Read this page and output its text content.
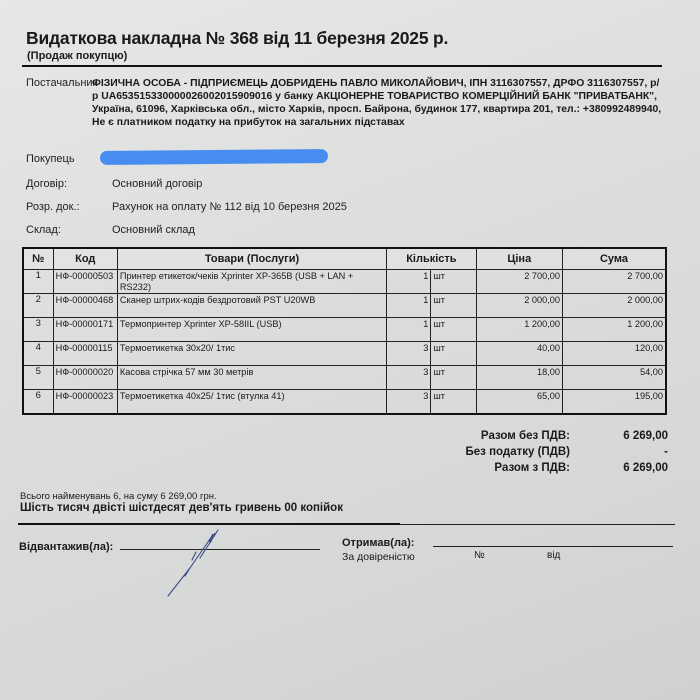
Видаткова накладна № 368 від 11 березня 2025 р.
(Продаж покупцю)
Постачальник
ФІЗИЧНА ОСОБА - ПІДПРИЄМЕЦЬ ДОБРИДЕНЬ ПАВЛО МИКОЛАЙОВИЧ, ІПН 3116307557, ДРФО 3116307557, р/р UA653515330000026002015909016 у банку АКЦІОНЕРНЕ ТОВАРИСТВО КОМЕРЦІЙНИЙ БАНК "ПРИВАТБАНК", Україна, 61096, Харківська обл., місто Харків, просп. Байрона, будинок 177, квартира 201, тел.: +380992489940, Не є платником податку на прибуток на загальних підставах
Покупець
Договір:	Основний договір
Розр. док.:	Рахунок на оплату № 112 від 10 березня 2025
Склад:	Основний склад
№	Код	Товари (Послуги)	Кількість		Ціна	Сума
1	НФ-00000503	Принтер етикеток/чеків Xprinter XP-365B (USB + LAN + RS232)	1	шт	2 700,00	2 700,00
2	НФ-00000468	Сканер штрих-кодів бездротовий PST U20WB	1	шт	2 000,00	2 000,00
3	НФ-00000171	Термопринтер Xprinter XP-58IIL (USB)	1	шт	1 200,00	1 200,00
4	НФ-00000115	Термоетикетка 30х20/ 1тис	3	шт	40,00	120,00
5	НФ-00000020	Касова стрічка 57 мм 30 метрів	3	шт	18,00	54,00
6	НФ-00000023	Термоетикетка 40х25/ 1тис (втулка 41)	3	шт	65,00	195,00
Разом без ПДВ:	6 269,00
Без податку (ПДВ)	-
Разом з ПДВ:	6 269,00
Всього найменувань 6, на суму 6 269,00 грн.
Шість тисяч двісті шістдесят дев'ять гривень 00 копійок
Відвантажив(ла):	Отримав(ла):
За довіреністю	№	від
